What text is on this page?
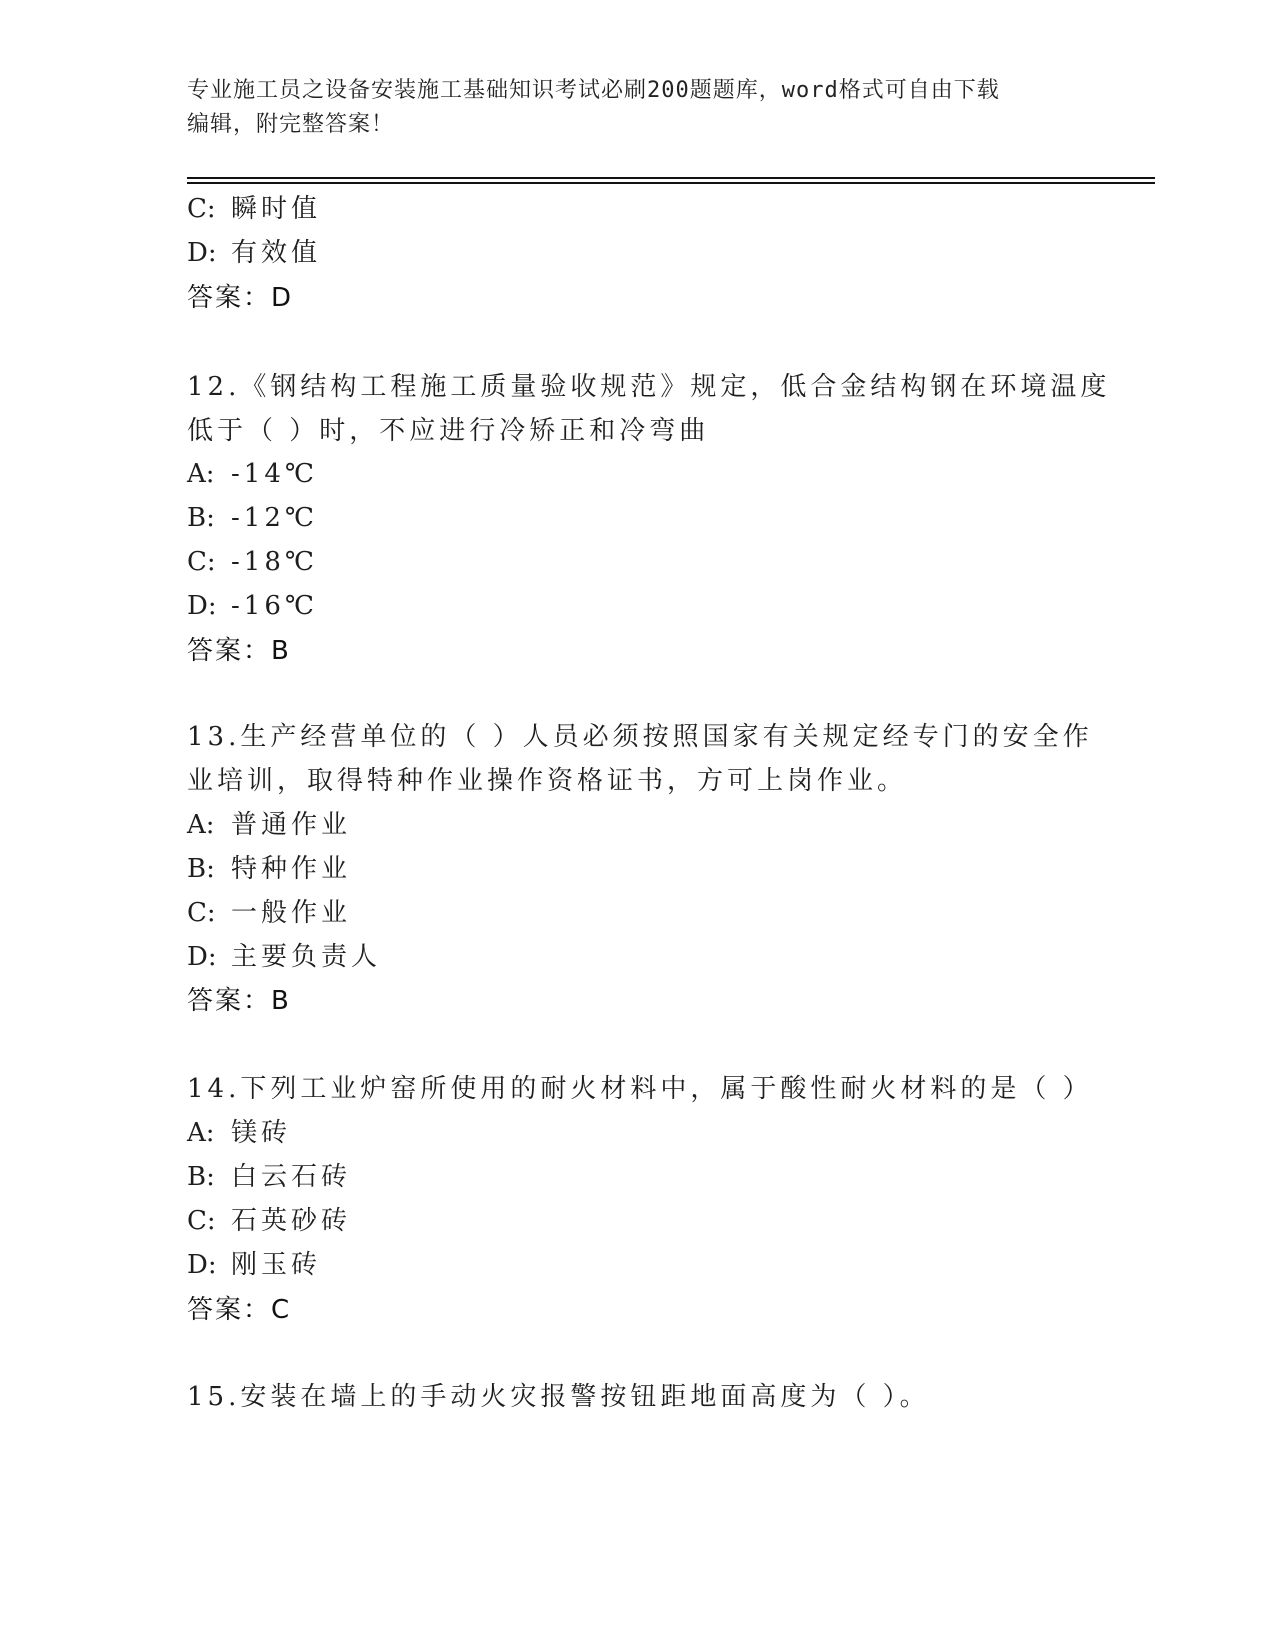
专业施工员之设备安装施工基础知识考试必刷200题题库，word格式可自由下载
编辑，附完整答案！
C: 瞬时值
D: 有效值
答案：D
12.《钢结构工程施工质量验收规范》规定，低合金结构钢在环境温度
低于（ ）时，不应进行冷矫正和冷弯曲
A: -14℃
B: -12℃
C: -18℃
D: -16℃
答案：B
13.生产经营单位的（ ）人员必须按照国家有关规定经专门的安全作
业培训，取得特种作业操作资格证书，方可上岗作业。
A: 普通作业
B: 特种作业
C: 一般作业
D: 主要负责人
答案：B
14.下列工业炉窑所使用的耐火材料中，属于酸性耐火材料的是（ ）
A: 镁砖
B: 白云石砖
C: 石英砂砖
D: 刚玉砖
答案：C
15.安装在墙上的手动火灾报警按钮距地面高度为（ ）。
